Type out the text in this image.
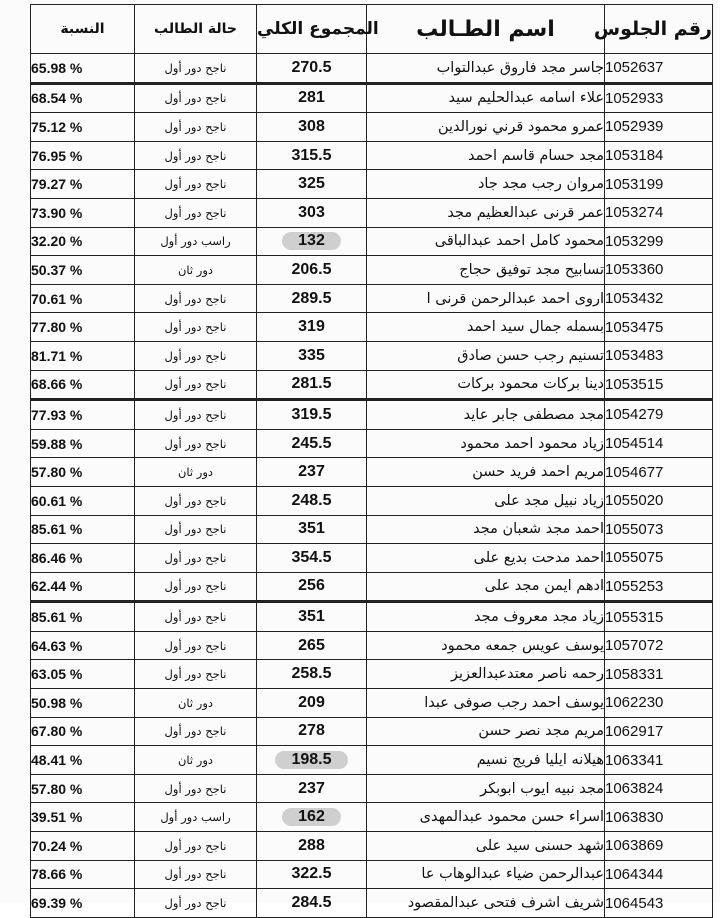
النسبة	حالة الطالب	المجموع الكلي	اسم الطـالب	رقم الجلوس
65.98 %	ناجح دور أول	270.5	جاسر مجد فاروق عبدالتواب	1052637
68.54 %	ناجح دور أول	281	علاء اسامه عبدالحليم سيد	1052933
75.12 %	ناجح دور أول	308	عمرو محمود قرني نورالدين	1052939
76.95 %	ناجح دور أول	315.5	مجد حسام قاسم احمد	1053184
79.27 %	ناجح دور أول	325	مروان رجب مجد جاد	1053199
73.90 %	ناجح دور أول	303	عمر قرنى عبدالعظيم مجد	1053274
32.20 %	راسب دور أول	132	محمود كامل احمد عبدالباقى	1053299
50.37 %	دور ثان	206.5	تسابيح مجد توفيق حجاج	1053360
70.61 %	ناجح دور أول	289.5	اروى احمد عبدالرحمن قرنى ا	1053432
77.80 %	ناجح دور أول	319	بسمله جمال سيد احمد	1053475
81.71 %	ناجح دور أول	335	تسنيم رجب حسن صادق	1053483
68.66 %	ناجح دور أول	281.5	دينا بركات محمود بركات	1053515
77.93 %	ناجح دور أول	319.5	مجد مصطفى جابر عايد	1054279
59.88 %	ناجح دور أول	245.5	زياد محمود احمد محمود	1054514
57.80 %	دور ثان	237	مريم احمد فريد حسن	1054677
60.61 %	ناجح دور أول	248.5	زياد نبيل مجد على	1055020
85.61 %	ناجح دور أول	351	احمد مجد شعبان مجد	1055073
86.46 %	ناجح دور أول	354.5	احمد مدحت بديع على	1055075
62.44 %	ناجح دور أول	256	ادهم ايمن مجد على	1055253
85.61 %	ناجح دور أول	351	زياد مجد معروف مجد	1055315
64.63 %	ناجح دور أول	265	يوسف عويس جمعه محمود	1057072
63.05 %	ناجح دور أول	258.5	رحمه ناصر معتدعبدالعزيز	1058331
50.98 %	دور ثان	209	يوسف احمد رجب صوفى عبدا	1062230
67.80 %	ناجح دور أول	278	مريم مجد نصر حسن	1062917
48.41 %	دور ثان	198.5	هيلانه ايليا فريج نسيم	1063341
57.80 %	ناجح دور أول	237	مجد نبيه ايوب ابوبكر	1063824
39.51 %	راسب دور أول	162	اسراء حسن محمود عبدالمهدى	1063830
70.24 %	ناجح دور أول	288	شهد حسنى سيد على	1063869
78.66 %	ناجح دور أول	322.5	عبدالرحمن ضياء عبدالوهاب عا	1064344
69.39 %	ناجح دور أول	284.5	شريف اشرف فتحى عبدالمقصود	1064543
